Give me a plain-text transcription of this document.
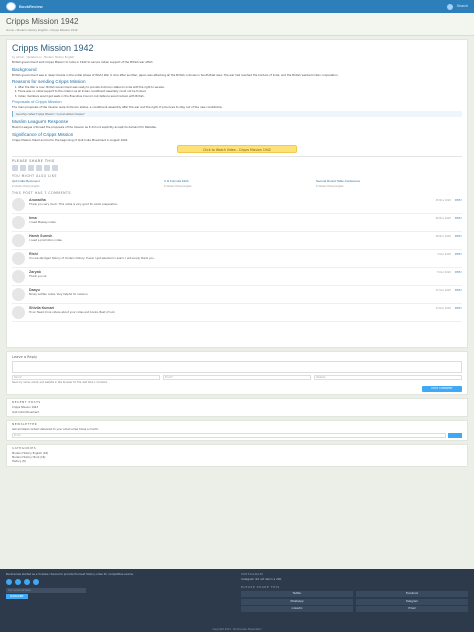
BookReview	Search
Cripps Mission 1942
Home › Modern History English › Cripps Mission 1942
Cripps Mission 1942
by admin · Updated on · Modern History English

British government sent Cripps Mission to India in 1942 to secure Indian support of the British war effort.

Background

British government was in deep trouble in the initial phase of World War II. One after another, Japan was attacking all the British colonies in South-East Asia. The war had reached the borders of India, and the British wanted Indian cooperation.

Reasons for sending Cripps Mission
1. After the War is over, British Government was ready to provide dominion status to India with the right to secede.
2. There was no initial support to the mission as all Indian constituent assembly could not be formed.
3. Indian members would get seats in the Executive Council, but defence would remain with British.
Proposals of Cripps Mission

The main proposals of the mission were dominion status, a constituent assembly after the war and the right of provinces to stay out of the new constitution.

Gandhiji called Cripps Mission "A post-dated cheque"
Muslim League's Response

Muslim League criticised the proposals of the mission as it did not explicitly accept its demand for Pakistan.

Significance of Cripps Mission

Cripps Mission failed and led to the beginning of Quit India Movement in August 1942.

Click to Watch Video - Cripps Mission 1942
PLEASE SHARE THIS
YOU MIGHT ALSO LIKE
Quit India Movement
In Modern History English
C R Formula 1944
In Modern History English
Second Round Table Conference
In Modern History English
THIS POST HAS 7 COMMENTS
Anuradha	25 Nov 2020 REPLY
Thank you very much. This notes is very good for exam preparation.
Irma	26 Nov 2020 REPLY
I need Plassey notes.
Harsh Suresh	28 Nov 2020 REPLY
I need a promotion notes.
Rishi	3 Dec 2020 REPLY
You are abridged history of modern history. If ever I get selected in exam, I will surely thank you.
Zaryab	5 Dec 2020 REPLY
Thank you sir.
Daayu	11 Dec 2020 REPLY
Nicely written notes. Very helpful for revision.
Shivila Kumari	13 Dec 2020 REPLY
Hi sir. Need more videos about your notes and books. Best of luck.
Leave a Reply
Name*	Email*	Website
Save my name, email, and website in this browser for the next time I comment.
POST COMMENT
RECENT POSTS
Cripps Mission 1942
Quit India Movement
NEWSLETTER
Get all latest content delivered to your email a few times a month.
Email
CATEGORIES
Modern History English (18)
Modern History Hindi (16)
History (8)
Bookreview started as a Youtube channel to provide the best history notes for competitive exams.
Your email address
SUBSCRIBE
INSTAGRAM
Instagram did not return a 200.
PLEASE SHARE THIS
Twitter	Facebook
WhatsApp	Telegram
LinkedIn	Email
Copyright 2021 - Bookreview Preparation
